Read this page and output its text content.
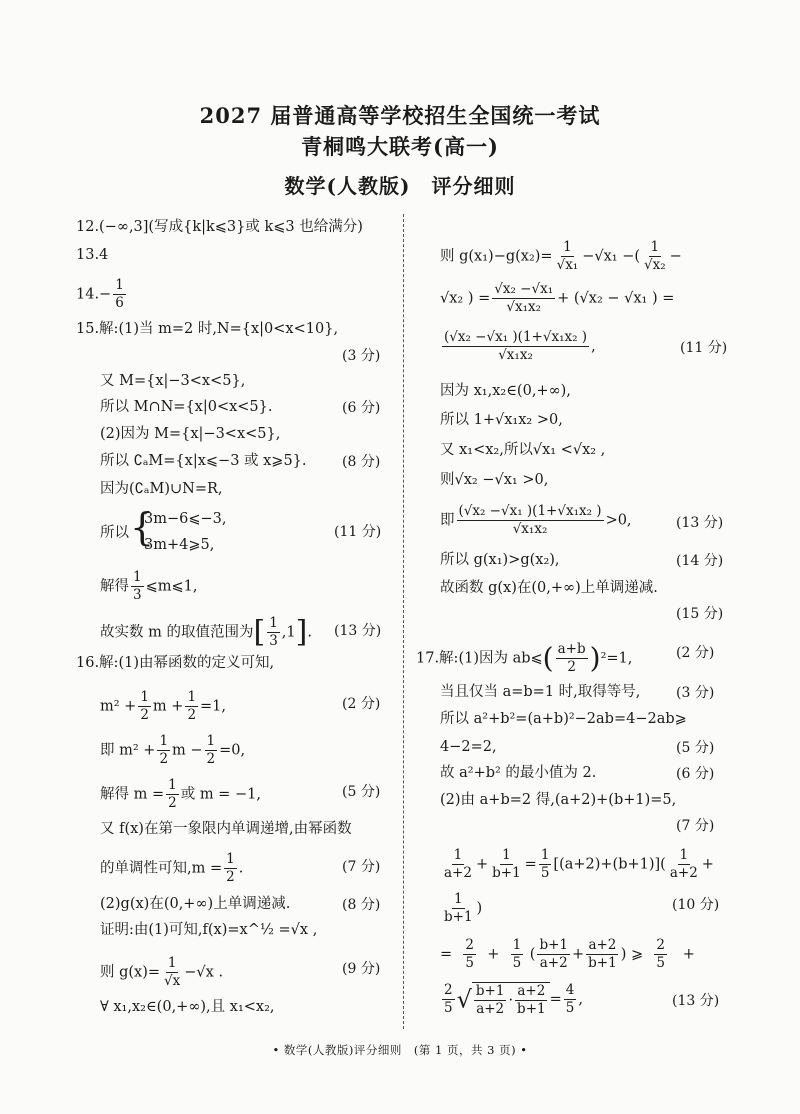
2027 届普通高等学校招生全国统一考试
青桐鸣大联考(高一)
数学(人教版)　评分细则
12.(−∞,3](写成{k|k⩽3}或 k⩽3 也给满分)
13.4
$14.- \frac{1}{6}$
15.解:(1)当 m=2 时,N={x|0<x<10},
(3 分)
又 M={x|−3<x<5},
所以 M∩N={x|0<x<5}.	(6 分)
(2)因为 M={x|−3<x<5},
所以 ∁ₐM={x|x⩽−3 或 x⩾5}.	(8 分)
因为(∁ₐM)∪N=R,
所以 {
3m−6⩽−3,
3m+4⩾5,
(11 分)
解得 $\frac{1}{3}$ ⩽m⩽1,
故实数 m 的取值范围为[ $\frac{1}{3} ,1$]. (13 分)
16.解:(1)由幂函数的定义可知,
$m^2 + \frac{1}{2}$ $m + \frac{1}{2} =1$,	(2 分)
即 $m^2 + \frac{1}{2}$ $m - \frac{1}{2} =0$,
解得 $m = \frac{1}{2}$ 或 m = −1,	(5 分)
又 f(x)在第一象限内单调递增,由幂函数
的单调性可知$,m = \frac{1}{2}$ .	(7 分)
(2)g(x)在(0,+∞)上单调递减.	(8 分)
证明:由(1)可知,f(x)=x^½ =√x ,
则 $g(x)= \frac{1}{√x} -√x$ .	(9 分)
∀ x₁,x₂∈(0,+∞),且 x₁<x₂,
则 $g(x_1)-g(x_2)= \frac{1}{\text{√x₁}} -√x_1$ −( $\frac{1}{\text{√x₂}}$ −
√x₂ ) = $\frac{\text{√x₂ −√x₁}}{\text{√x₁x₂}} + (√x_2 - √x_1$ ) =
$\frac{\text{(√x₂ −√x₁ )(1+√x₁x₂ )}}{\text{√x₁x₂}}$ ,	(11 分)
因为 x₁,x₂∈(0,+∞),
所以 1+√x₁x₂ >0,
又 x₁<x₂,所以√x₁ <√x₂ ,
则√x₂ −√x₁ >0,
即 $\frac{\text{(√x₂ −√x₁ )(1+√x₁x₂ )}}{\text{√x₁x₂}} >0$,	(13 分)
所以 g(x₁)>g(x₂),	(14 分)
故函数 g(x)在(0,+∞)上单调递减.
(15 分)
17.解:(1)因为 ab⩽( $\frac{a+b}{2} )^2=1$,	(2 分)
当且仅当 a=b=1 时,取得等号,	(3 分)
所以 a²+b²=(a+b)²−2ab=4−2ab⩾
4−2=2,	(5 分)
故 a²+b² 的最小值为 2.	(6 分)
(2)由 a+b=2 得,(a+2)+(b+1)=5,
(7 分)
$\frac{1}{a+2} + \frac{1}{b+1} = \frac{1}{5} [(a+2)+(b+1)]( \frac{1}{a+2}$ +
$\frac{1}{b+1}$ )	(10 分)
= $\frac{2}{5} + \frac{1}{5}$ ( $\frac{b+1}{a+2} + \frac{a+2}{b+1}$ ) ⩾ $\frac{2}{5}$ +
$\frac{2}{5}$ √ $\frac{b+1}{a+2} \cdot \frac{a+2}{b+1} = \frac{4}{5}$ ,	(13 分)
• 数学(人教版)评分细则　(第 1 页，共 3 页) •
